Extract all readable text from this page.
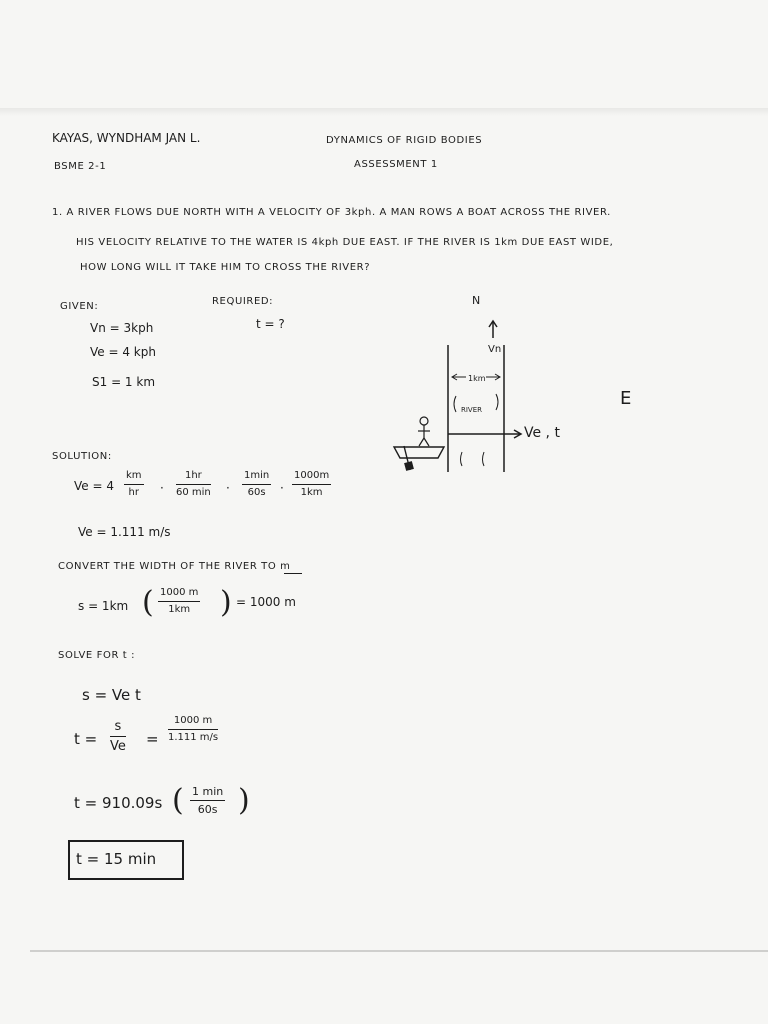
KAYAS, WYNDHAM JAN L.
BSME 2-1
DYNAMICS OF RIGID BODIES
ASSESSMENT 1
1. A RIVER FLOWS DUE NORTH WITH A VELOCITY OF 3kph. A MAN ROWS A BOAT ACROSS THE RIVER.
HIS VELOCITY RELATIVE TO THE WATER IS 4kph DUE EAST. IF THE RIVER IS 1km DUE EAST WIDE,
HOW LONG WILL IT TAKE HIM TO CROSS THE RIVER?
GIVEN:
Vn = 3kph
Ve = 4 kph
S1 = 1 km
REQUIRED:
t = ?
N
Vn
1km
RIVER
Ve , t
E
SOLUTION:
$Ve = 4 \frac{km}{hr}$ ·
1hr
60 min ·
1min
60s	· $\frac{1000m}{1km}$
Ve = 1.111 m/s
CONVERT THE WIDTH OF THE RIVER TO m
s = 1km ( $\frac{1000 m}{1km}$ ) = 1000 m
SOLVE FOR t :
s = Ve t
$t = \frac{s}{Ve} = \frac{1000 m}{1.111 m/s}$
t = 910.09s ( 1 min
60s )
t = 15 min
